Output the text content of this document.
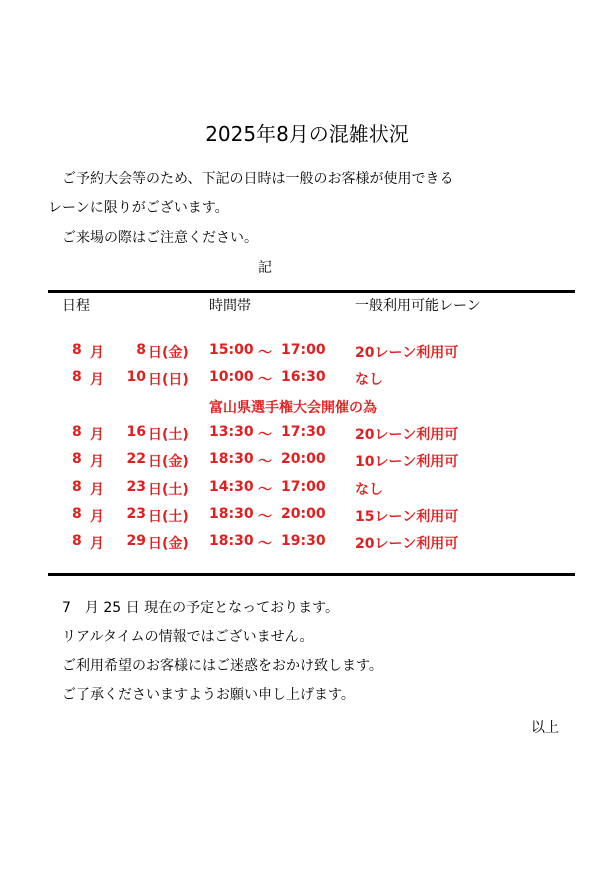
2025年8月の混雑状況
ご予約大会等のため、下記の日時は一般のお客様が使用できる
レーンに限りがございます。
ご来場の際はご注意ください。
記
日程	時間帯	一般利用可能レーン
8 月	8 日(金) 15:00 〜 17:00 20レーン利用可
8 月 10 日(日) 10:00 〜 16:30 なし
富山県選手権大会開催の為
8 月 16 日(土) 13:30 〜 17:30 20レーン利用可
8 月 22 日(金) 18:30 〜 20:00 10レーン利用可
8 月 23 日(土) 14:30 〜 17:00 なし
8 月 23 日(土) 18:30 〜 20:00 15レーン利用可
8 月 29 日(金) 18:30 〜 19:30 20レーン利用可
7　月 25 日 現在の予定となっております。
リアルタイムの情報ではございません。
ご利用希望のお客様にはご迷惑をおかけ致します。
ご了承くださいますようお願い申し上げます。
以上
